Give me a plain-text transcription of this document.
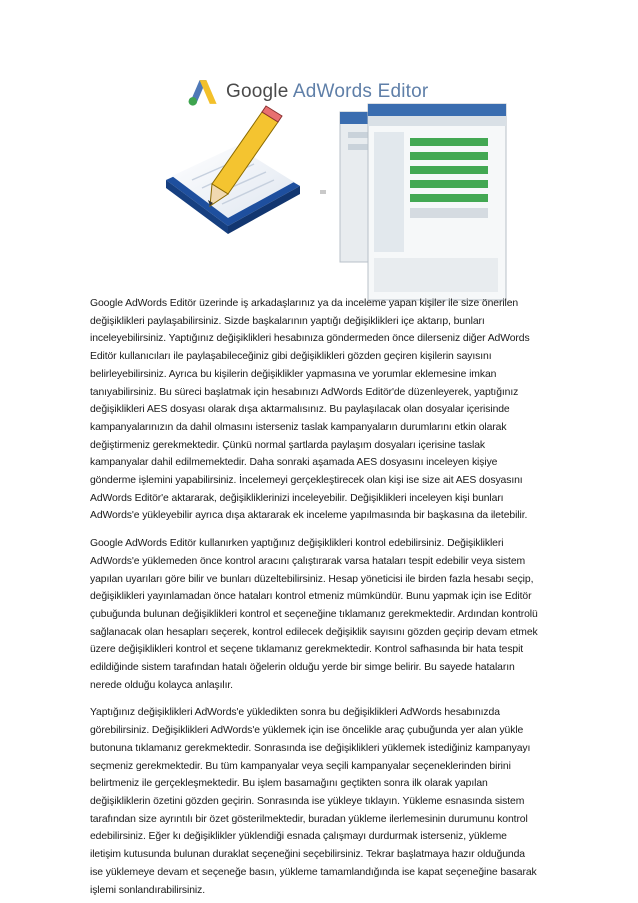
Google AdWords Editor

Google AdWords Editör üzerinde iş arkadaşlarınız ya da inceleme yapan kişiler ile size önerilen değişiklikleri paylaşabilirsiniz. Sizde başkalarının yaptığı değişiklikleri içe aktarıp, bunları inceleyebilirsiniz. Yaptığınız değişiklikleri hesabınıza göndermeden önce dilerseniz diğer AdWords Editör kullanıcıları ile paylaşabileceğiniz gibi değişiklikleri gözden geçiren kişilerin sayısını belirleyebilirsiniz. Ayrıca bu kişilerin değişiklikler yapmasına ve yorumlar eklemesine imkan tanıyabilirsiniz. Bu süreci başlatmak için hesabınızı AdWords Editör'de düzenleyerek, yaptığınız değişiklikleri AES dosyası olarak dışa aktarmalısınız. Bu paylaşılacak olan dosyalar içerisinde kampanyalarınızın da dahil olmasını isterseniz taslak kampanyaların durumlarını etkin olarak değiştirmeniz gerekmektedir. Çünkü normal şartlarda paylaşım dosyaları içerisine taslak kampanyalar dahil edilmemektedir. Daha sonraki aşamada AES dosyasını inceleyen kişiye gönderme işlemini yapabilirsiniz. İncelemeyi gerçekleştirecek olan kişi ise size ait AES dosyasını AdWords Editör'e aktararak, değişikliklerinizi inceleyebilir. Değişiklikleri inceleyen kişi bunları AdWords'e yükleyebilir ayrıca dışa aktararak ek inceleme yapılmasında bir başkasına da iletebilir.

Google AdWords Editör kullanırken yaptığınız değişiklikleri kontrol edebilirsiniz. Değişiklikleri AdWords'e yüklemeden önce kontrol aracını çalıştırarak varsa hataları tespit edebilir veya sistem yapılan uyarıları göre bilir ve bunları düzeltebilirsiniz. Hesap yöneticisi ile birden fazla hesabı seçip, değişiklikleri yayınlamadan önce hataları kontrol etmeniz mümkündür. Bunu yapmak için ise Editör çubuğunda bulunan değişiklikleri kontrol et seçeneğine tıklamanız gerekmektedir. Ardından kontrolü sağlanacak olan hesapları seçerek, kontrol edilecek değişiklik sayısını gözden geçirip devam etmek üzere değişiklikleri kontrol et seçene tıklamanız gerekmektedir. Kontrol safhasında bir hata tespit edildiğinde sistem tarafından hatalı öğelerin olduğu yerde bir simge belirir. Bu sayede hataların nerede olduğu kolayca anlaşılır.

Yaptığınız değişiklikleri AdWords'e yükledikten sonra bu değişiklikleri AdWords hesabınızda görebilirsiniz. Değişiklikleri AdWords'e yüklemek için ise öncelikle araç çubuğunda yer alan yükle butonuna tıklamanız gerekmektedir. Sonrasında ise değişiklikleri yüklemek istediğiniz kampanyayı seçmeniz gerekmektedir. Bu tüm kampanyalar veya seçili kampanyalar seçeneklerinden birini belirtmeniz ile gerçekleşmektedir. Bu işlem basamağını geçtikten sonra ilk olarak yapılan değişikliklerin özetini gözden geçirin. Sonrasında ise yükleye tıklayın. Yükleme esnasında sistem tarafından size ayrıntılı bir özet gösterilmektedir, buradan yükleme ilerlemesinin durumunu kontrol edebilirsiniz. Eğer kı değişiklikler yüklendiği esnada çalışmayı durdurmak isterseniz, yükleme iletişim kutusunda bulunan duraklat seçeneğini seçebilirsiniz. Tekrar başlatmaya hazır olduğunda ise yüklemeye devam et seçeneğe basın, yükleme tamamlandığında ise kapat seçeneğine basarak işlemi sonlandırabilirsiniz.
